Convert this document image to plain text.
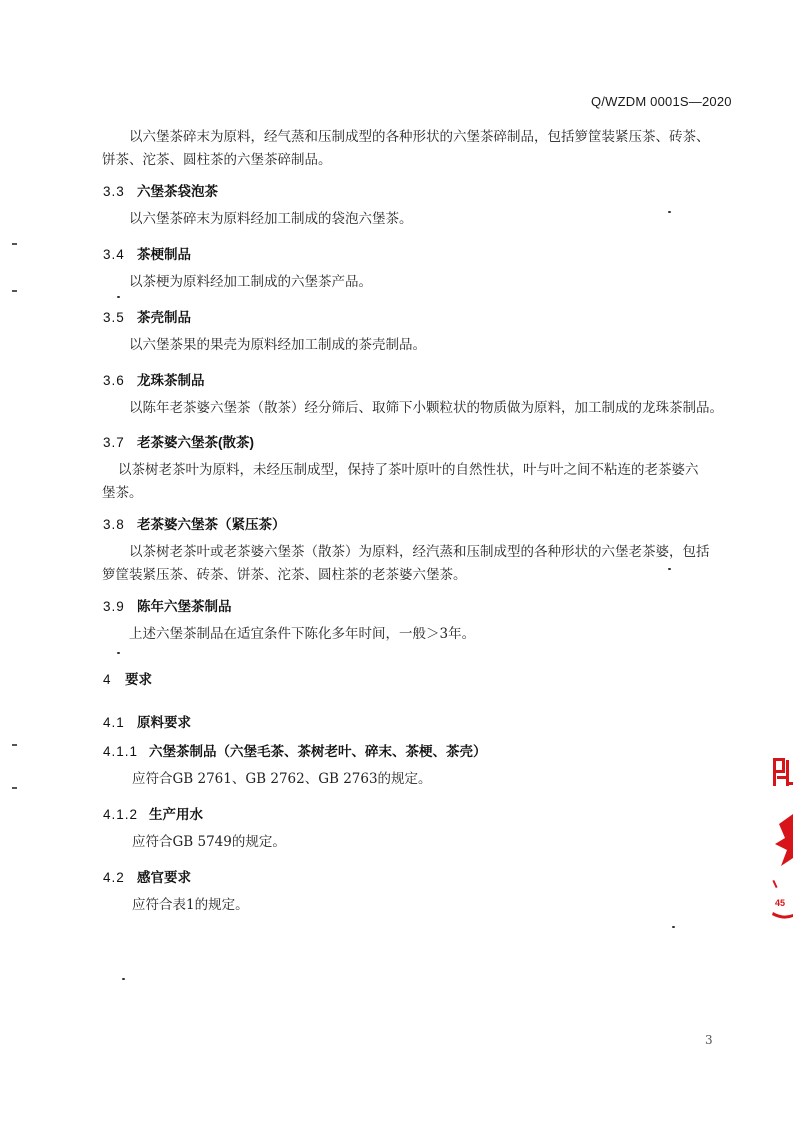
Q/WZDM 0001S—2020
以六堡茶碎末为原料，经气蒸和压制成型的各种形状的六堡茶碎制品，包括箩筐装紧压茶、砖茶、
饼茶、沱茶、圆柱茶的六堡茶碎制品。
3.3 六堡茶袋泡茶
以六堡茶碎末为原料经加工制成的袋泡六堡茶。
3.4 茶梗制品
以茶梗为原料经加工制成的六堡茶产品。
3.5 茶壳制品
以六堡茶果的果壳为原料经加工制成的茶壳制品。
3.6 龙珠茶制品
以陈年老茶婆六堡茶（散茶）经分筛后、取筛下小颗粒状的物质做为原料，加工制成的龙珠茶制品。
3.7 老茶婆六堡茶(散茶)
以茶树老茶叶为原料，未经压制成型，保持了茶叶原叶的自然性状，叶与叶之间不粘连的老茶婆六
堡茶。
3.8 老茶婆六堡茶（紧压茶）
以茶树老茶叶或老茶婆六堡茶（散茶）为原料，经汽蒸和压制成型的各种形状的六堡老茶婆，包括
箩筐装紧压茶、砖茶、饼茶、沱茶、圆柱茶的老茶婆六堡茶。
3.9 陈年六堡茶制品
上述六堡茶制品在适宜条件下陈化多年时间，一般＞3年。
4 要求
4.1 原料要求
4.1.1 六堡茶制品（六堡毛茶、茶树老叶、碎末、茶梗、茶壳）
应符合GB 2761、GB 2762、GB 2763的规定。
4.1.2 生产用水
应符合GB 5749的规定。
4.2 感官要求
应符合表1的规定。
3
45
